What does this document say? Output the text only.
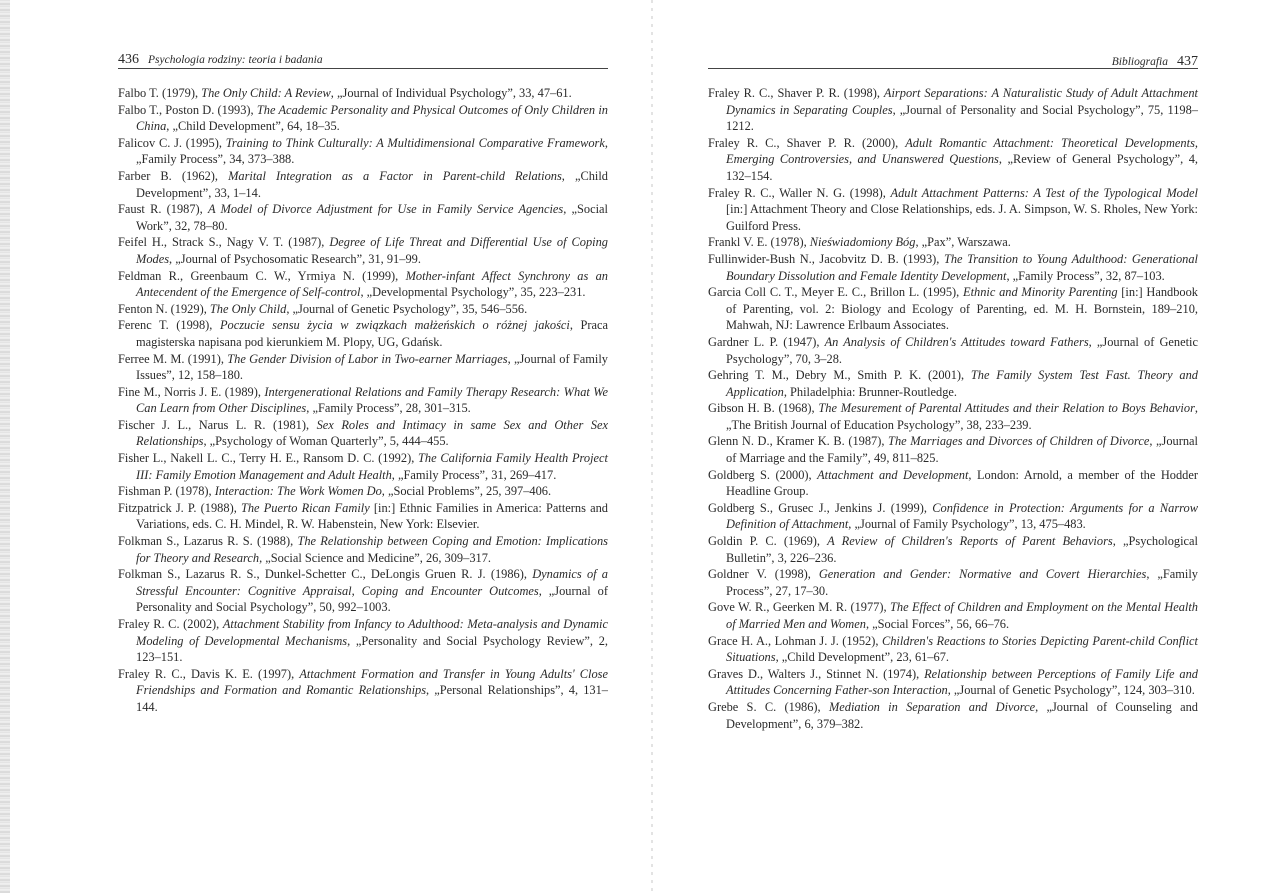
436 Psychologia rodziny: teoria i badania
Falbo T. (1979), The Only Child: A Review, „Journal of Individual Psychology”, 33, 47–61.
Falbo T., Poston D. (1993), The Academic Personality and Physical Outcomes of Only Children in China, „Child Development”, 64, 18–35.
Falicov C. J. (1995), Training to Think Culturally: A Multidimensional Comparative Framework, „Family Process”, 34, 373–388.
Farber B. (1962), Marital Integration as a Factor in Parent-child Relations, „Child Development”, 33, 1–14.
Faust R. (1987), A Model of Divorce Adjustment for Use in Family Service Agencies, „Social Work”, 32, 78–80.
Feifel H., Strack S., Nagy V. T. (1987), Degree of Life Threat and Differential Use of Coping Modes, „Journal of Psychosomatic Research”, 31, 91–99.
Feldman R., Greenbaum C. W., Yrmiya N. (1999), Mother-infant Affect Synchrony as an Antecendent of the Emergence of Self-control, „Developmental Psychology”, 35, 223–231.
Fenton N. (1929), The Only Child, „Journal of Genetic Psychology”, 35, 546–556.
Ferenc T. (1998), Poczucie sensu życia w związkach małżeńskich o różnej jakości, Praca magisterska napisana pod kierunkiem M. Plopy, UG, Gdańsk.
Ferree M. M. (1991), The Gender Division of Labor in Two-earner Marriages, „Journal of Family Issues”, 12, 158–180.
Fine M., Norris J. E. (1989), Intergenerational Relations and Family Therapy Research: What We Can Learn from Other Disciplines, „Family Process”, 28, 301–315.
Fischer J. L., Narus L. R. (1981), Sex Roles and Intimacy in same Sex and Other Sex Relationships, „Psychology of Woman Quarterly”, 5, 444–455.
Fisher L., Nakell L. C., Terry H. E., Ransom D. C. (1992), The California Family Health Project III: Family Emotion Management and Adult Health, „Family Process”, 31, 269–417.
Fishman P. (1978), Interaction: The Work Women Do, „Social Problems”, 25, 397–406.
Fitzpatrick J. P. (1988), The Puerto Rican Family [in:] Ethnic Families in America: Patterns and Variations, eds. C. H. Mindel, R. W. Habenstein, New York: Elsevier.
Folkman S., Lazarus R. S. (1988), The Relationship between Coping and Emotion: Implications for Theory and Research, „Social Science and Medicine”, 26, 309–317.
Folkman S., Lazarus R. S., Dunkel-Schetter C., DeLongis Gruen R. J. (1986), Dynamics of a Stressful Encounter: Cognitive Appraisal, Coping and Encounter Outcomes, „Journal of Personality and Social Psychology”, 50, 992–1003.
Fraley R. C. (2002), Attachment Stability from Infancy to Adulthood: Meta-analysis and Dynamic Modeling of Developmental Mechanisms, „Personality and Social Psychology Review”, 2, 123–151.
Fraley R. C., Davis K. E. (1997), Attachment Formation and Transfer in Young Adults' Close Friendships and Formation and Romantic Relationships, „Personal Relationships”, 4, 131–144.
Bibliografia 437
Fraley R. C., Shaver P. R. (1998), Airport Separations: A Naturalistic Study of Adult Attachment Dynamics in Separating Couples, „Journal of Personality and Social Psychology”, 75, 1198–1212.
Fraley R. C., Shaver P. R. (2000), Adult Romantic Attachment: Theoretical Developments, Emerging Controversies, and Unanswered Questions, „Review of General Psychology”, 4, 132–154.
Fraley R. C., Waller N. G. (1998), Adult Attachment Patterns: A Test of the Typological Model [in:] Attachment Theory and Close Relationships, eds. J. A. Simpson, W. S. Rholes, New York: Guilford Press.
Frankl V. E. (1978), Nieświadomiony Bóg, „Pax”, Warszawa.
Fullinwider-Bush N., Jacobvitz D. B. (1993), The Transition to Young Adulthood: Generational Boundary Dissolution and Female Identity Development, „Family Process”, 32, 87–103.
Garcia Coll C. T., Meyer E. C., Brillon L. (1995), Ethnic and Minority Parenting [in:] Handbook of Parenting, vol. 2: Biology and Ecology of Parenting, ed. M. H. Bornstein, 189–210, Mahwah, NJ: Lawrence Erlbaum Associates.
Gardner L. P. (1947), An Analysis of Children's Attitudes toward Fathers, „Journal of Genetic Psychology”, 70, 3–28.
Gehring T. M., Debry M., Smith P. K. (2001), The Family System Test Fast. Theory and Application, Philadelphia: Brunner-Routledge.
Gibson H. B. (1968), The Mesurement of Parental Attitudes and their Relation to Boys Behavior, „The British Journal of Education Psychology”, 38, 233–239.
Glenn N. D., Kramer K. B. (1987), The Marriages and Divorces of Children of Divorce, „Journal of Marriage and the Family”, 49, 811–825.
Goldberg S. (2000), Attachment and Development, London: Arnold, a member of the Hodder Headline Group.
Goldberg S., Grusec J., Jenkins J. (1999), Confidence in Protection: Arguments for a Narrow Definition of Attachment, „Journal of Family Psychology”, 13, 475–483.
Goldin P. C. (1969), A Review of Children's Reports of Parent Behaviors, „Psychological Bulletin”, 3, 226–236.
Goldner V. (1998), Generation and Gender: Normative and Covert Hierarchies, „Family Process”, 27, 17–30.
Gove W. R., Geerken M. R. (1977), The Effect of Children and Employment on the Mental Health of Married Men and Women, „Social Forces”, 56, 66–76.
Grace H. A., Lohman J. J. (1952), Children's Reactions to Stories Depicting Parent-child Conflict Situations, „Child Development”, 23, 61–67.
Graves D., Walters J., Stinnet N. (1974), Relationship between Perceptions of Family Life and Attitudes Concerning Father-son Interaction, „Journal of Genetic Psychology”, 124, 303–310.
Grebe S. C. (1986), Mediation in Separation and Divorce, „Journal of Counseling and Development”, 6, 379–382.
